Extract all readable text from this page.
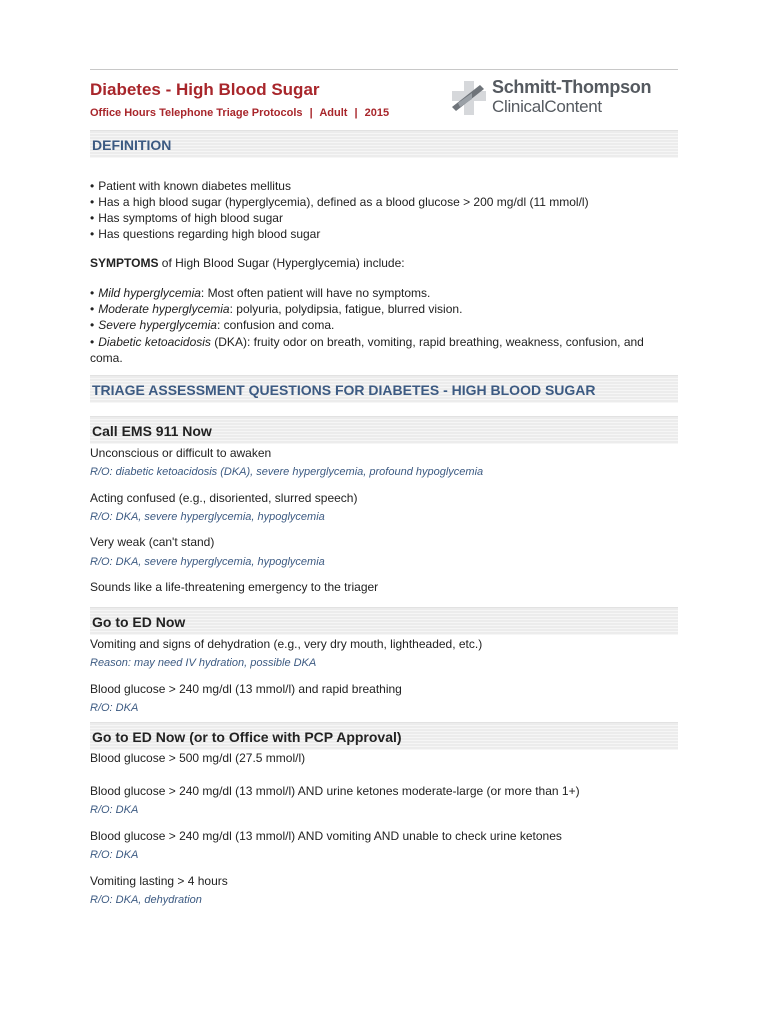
Diabetes - High Blood Sugar
Office Hours Telephone Triage Protocols | Adult | 2015
Schmitt-Thompson
ClinicalContent
DEFINITION
• Patient with known diabetes mellitus
• Has a high blood sugar (hyperglycemia), defined as a blood glucose > 200 mg/dl (11 mmol/l)
• Has symptoms of high blood sugar
• Has questions regarding high blood sugar
SYMPTOMS of High Blood Sugar (Hyperglycemia) include:
• Mild hyperglycemia: Most often patient will have no symptoms.
• Moderate hyperglycemia: polyuria, polydipsia, fatigue, blurred vision.
• Severe hyperglycemia: confusion and coma.
• Diabetic ketoacidosis (DKA): fruity odor on breath, vomiting, rapid breathing, weakness, confusion, and coma.
TRIAGE ASSESSMENT QUESTIONS FOR DIABETES - HIGH BLOOD SUGAR
Call EMS 911 Now
Unconscious or difficult to awaken
R/O: diabetic ketoacidosis (DKA), severe hyperglycemia, profound hypoglycemia
Acting confused (e.g., disoriented, slurred speech)
R/O: DKA, severe hyperglycemia, hypoglycemia
Very weak (can't stand)
R/O: DKA, severe hyperglycemia, hypoglycemia
Sounds like a life-threatening emergency to the triager
Go to ED Now
Vomiting and signs of dehydration (e.g., very dry mouth, lightheaded, etc.)
Reason: may need IV hydration, possible DKA
Blood glucose > 240 mg/dl (13 mmol/l) and rapid breathing
R/O: DKA
Go to ED Now (or to Office with PCP Approval)
Blood glucose > 500 mg/dl (27.5 mmol/l)
Blood glucose > 240 mg/dl (13 mmol/l) AND urine ketones moderate-large (or more than 1+)
R/O: DKA
Blood glucose > 240 mg/dl (13 mmol/l) AND vomiting AND unable to check urine ketones
R/O: DKA
Vomiting lasting > 4 hours
R/O: DKA, dehydration
